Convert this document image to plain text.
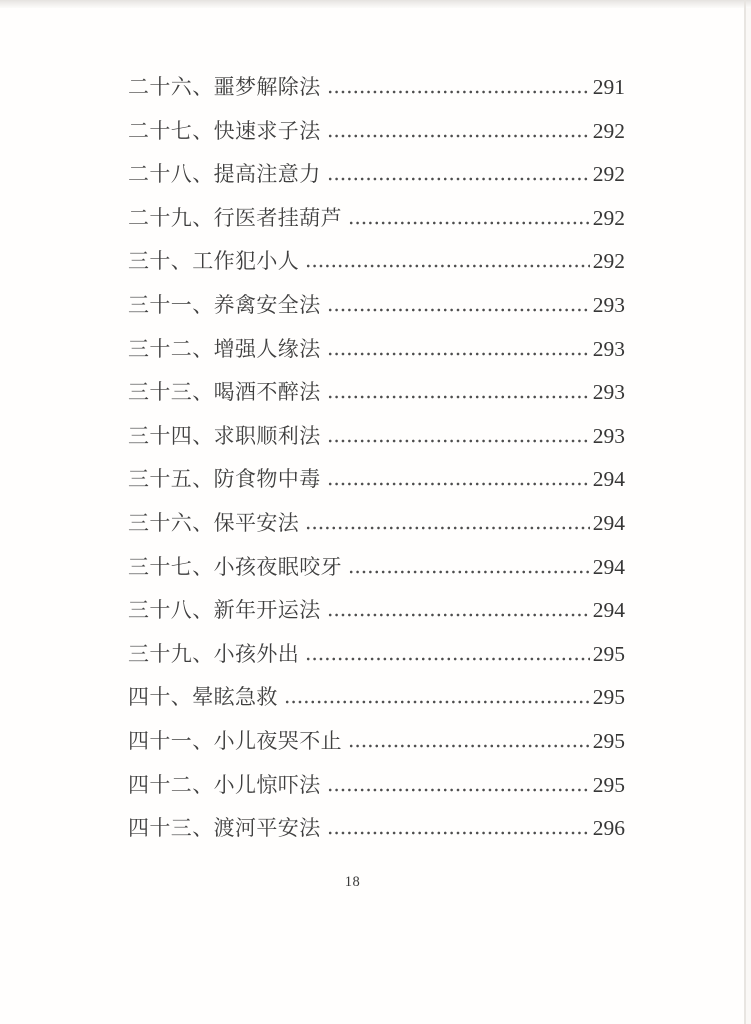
二十六、噩梦解除法	291
二十七、快速求子法	292
二十八、提高注意力	292
二十九、行医者挂葫芦	292
三十、工作犯小人	292
三十一、养禽安全法	293
三十二、增强人缘法	293
三十三、喝酒不醉法	293
三十四、求职顺利法	293
三十五、防食物中毒	294
三十六、保平安法	294
三十七、小孩夜眠咬牙	294
三十八、新年开运法	294
三十九、小孩外出	295
四十、晕眩急救	295
四十一、小儿夜哭不止	295
四十二、小儿惊吓法	295
四十三、渡河平安法	296
18
